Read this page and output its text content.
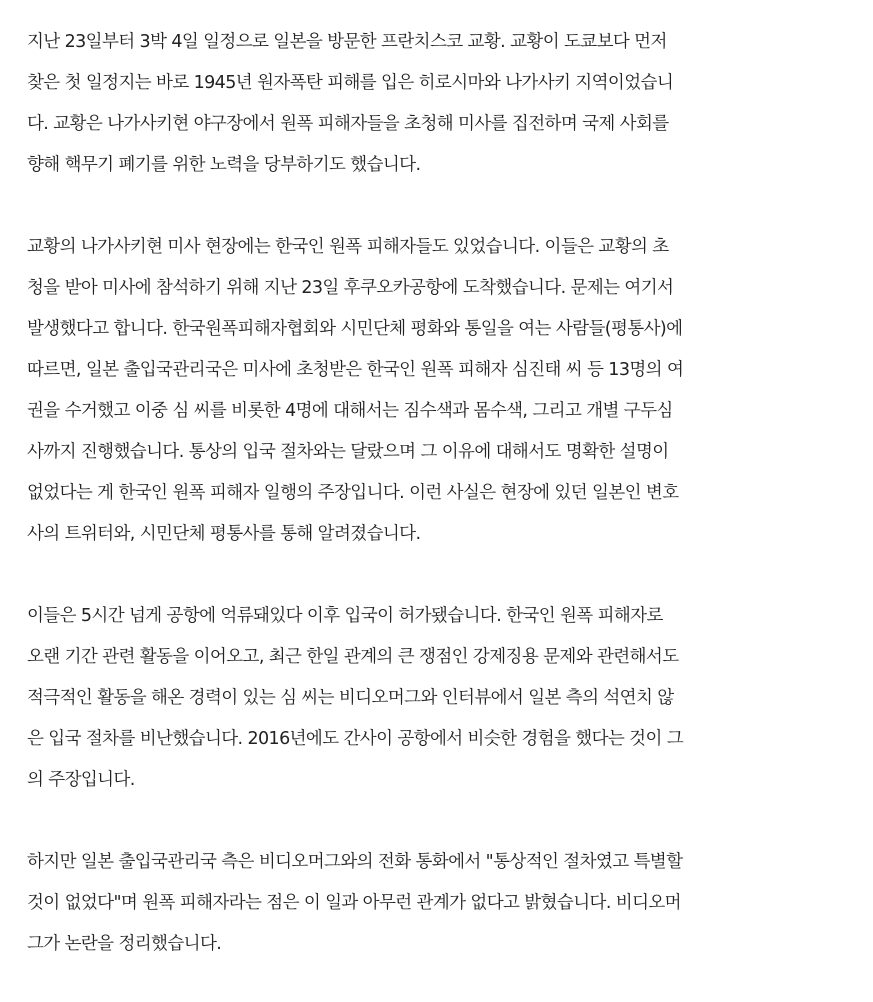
지난 23일부터 3박 4일 일정으로 일본을 방문한 프란치스코 교황. 교황이 도쿄보다 먼저
찾은 첫 일정지는 바로 1945년 원자폭탄 피해를 입은 히로시마와 나가사키 지역이었습니
다. 교황은 나가사키현 야구장에서 원폭 피해자들을 초청해 미사를 집전하며 국제 사회를
향해 핵무기 폐기를 위한 노력을 당부하기도 했습니다.

교황의 나가사키현 미사 현장에는 한국인 원폭 피해자들도 있었습니다. 이들은 교황의 초
청을 받아 미사에 참석하기 위해 지난 23일 후쿠오카공항에 도착했습니다. 문제는 여기서
발생했다고 합니다. 한국원폭피해자협회와 시민단체 평화와 통일을 여는 사람들(평통사)에
따르면, 일본 출입국관리국은 미사에 초청받은 한국인 원폭 피해자 심진태 씨 등 13명의 여
권을 수거했고 이중 심 씨를 비롯한 4명에 대해서는 짐수색과 몸수색, 그리고 개별 구두심
사까지 진행했습니다. 통상의 입국 절차와는 달랐으며 그 이유에 대해서도 명확한 설명이
없었다는 게 한국인 원폭 피해자 일행의 주장입니다. 이런 사실은 현장에 있던 일본인 변호
사의 트위터와, 시민단체 평통사를 통해 알려졌습니다.

이들은 5시간 넘게 공항에 억류돼있다 이후 입국이 허가됐습니다. 한국인 원폭 피해자로
오랜 기간 관련 활동을 이어오고, 최근 한일 관계의 큰 쟁점인 강제징용 문제와 관련해서도
적극적인 활동을 해온 경력이 있는 심 씨는 비디오머그와 인터뷰에서 일본 측의 석연치 않
은 입국 절차를 비난했습니다. 2016년에도 간사이 공항에서 비슷한 경험을 했다는 것이 그
의 주장입니다.

하지만 일본 출입국관리국 측은 비디오머그와의 전화 통화에서 "통상적인 절차였고 특별할
것이 없었다"며 원폭 피해자라는 점은 이 일과 아무런 관계가 없다고 밝혔습니다. 비디오머
그가 논란을 정리했습니다.
